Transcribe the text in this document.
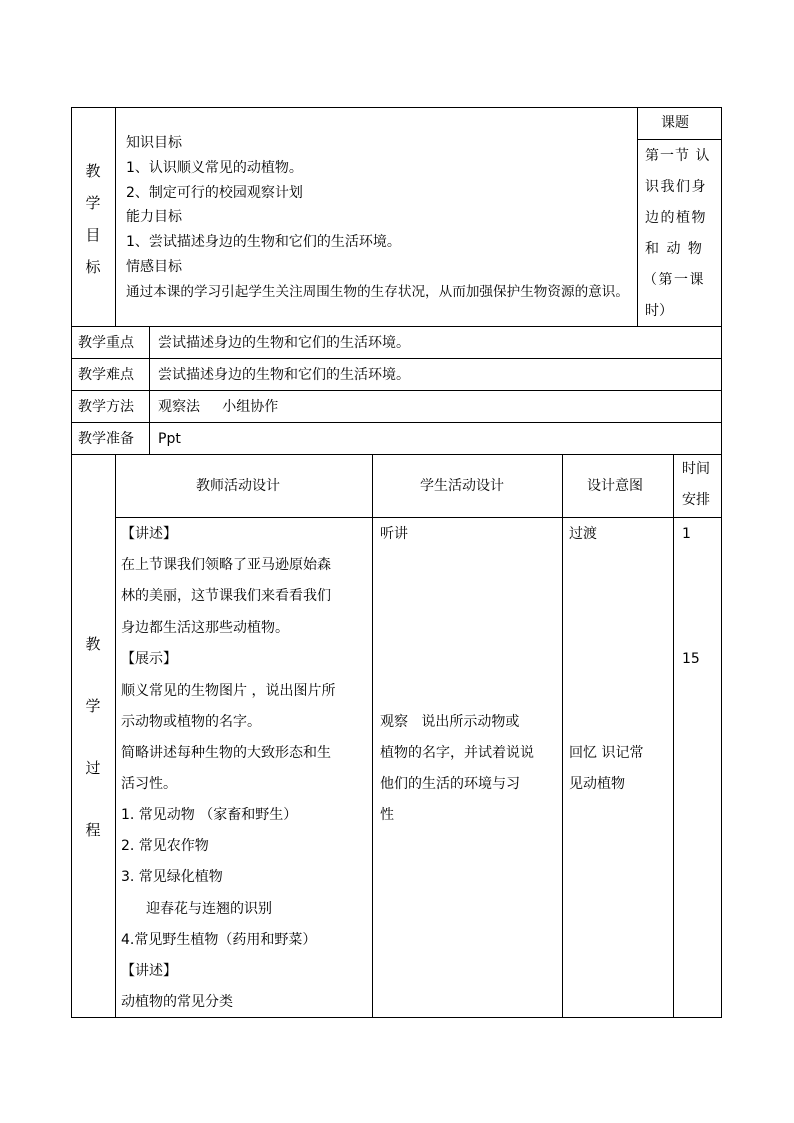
教
学
目
标
知识目标
1、认识顺义常见的动植物。
2、制定可行的校园观察计划
能力目标
1、尝试描述身边的生物和它们的生活环境。
情感目标
通过本课的学习引起学生关注周围生物的生存状况，从而加强保护生物资源的意识。
课题
第一节 认
识我们身
边的植物
和 动 物
（第一课
时）
教学重点 尝试描述身边的生物和它们的生活环境。
教学难点 尝试描述身边的生物和它们的生活环境。
教学方法 观察法     小组协作
教学准备 Ppt
教师活动设计	学生活动设计	设计意图
时间
安排
教
学
过
程
【讲述】
在上节课我们领略了亚马逊原始森
林的美丽，这节课我们来看看我们
身边都生活这那些动植物。
【展示】
顺义常见的生物图片 ，说出图片所
示动物或植物的名字。
简略讲述每种生物的大致形态和生
活习性。
1. 常见动物 （家畜和野生）
2. 常见农作物
3. 常见绿化植物
迎春花与连翘的识别
4.常见野生植物（药用和野菜）
【讲述】
动植物的常见分类
听讲
观察   说出所示动物或
植物的名字，并试着说说
他们的生活的环境与习
性
过渡
回忆 识记常
见动植物
1
15
